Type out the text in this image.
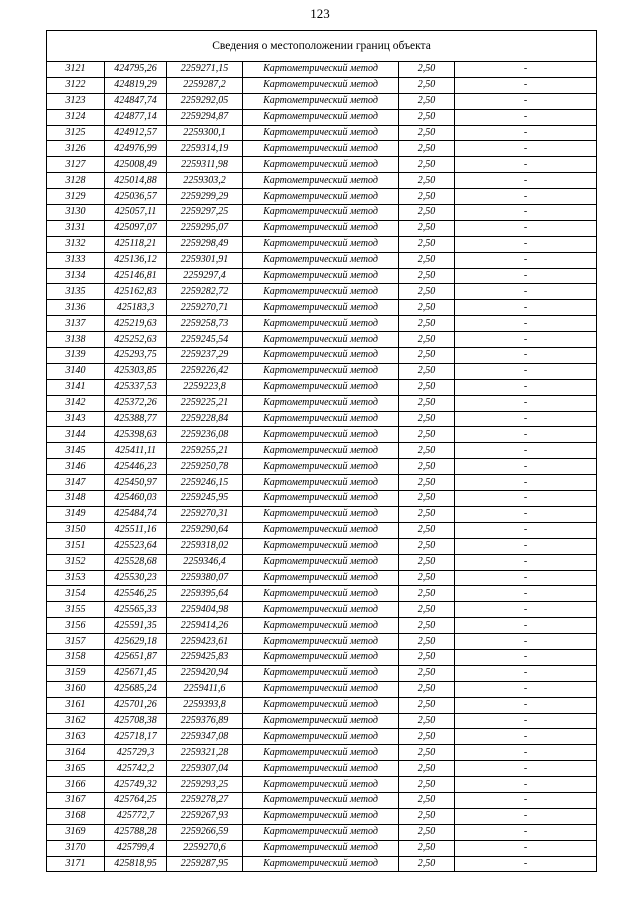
123
Сведения о местоположении границ объекта					
3121	424795,26	2259271,15	Картометрический метод	2,50	-
3122	424819,29	2259287,2	Картометрический метод	2,50	-
3123	424847,74	2259292,05	Картометрический метод	2,50	-
3124	424877,14	2259294,87	Картометрический метод	2,50	-
3125	424912,57	2259300,1	Картометрический метод	2,50	-
3126	424976,99	2259314,19	Картометрический метод	2,50	-
3127	425008,49	2259311,98	Картометрический метод	2,50	-
3128	425014,88	2259303,2	Картометрический метод	2,50	-
3129	425036,57	2259299,29	Картометрический метод	2,50	-
3130	425057,11	2259297,25	Картометрический метод	2,50	-
3131	425097,07	2259295,07	Картометрический метод	2,50	-
3132	425118,21	2259298,49	Картометрический метод	2,50	-
3133	425136,12	2259301,91	Картометрический метод	2,50	-
3134	425146,81	2259297,4	Картометрический метод	2,50	-
3135	425162,83	2259282,72	Картометрический метод	2,50	-
3136	425183,3	2259270,71	Картометрический метод	2,50	-
3137	425219,63	2259258,73	Картометрический метод	2,50	-
3138	425252,63	2259245,54	Картометрический метод	2,50	-
3139	425293,75	2259237,29	Картометрический метод	2,50	-
3140	425303,85	2259226,42	Картометрический метод	2,50	-
3141	425337,53	2259223,8	Картометрический метод	2,50	-
3142	425372,26	2259225,21	Картометрический метод	2,50	-
3143	425388,77	2259228,84	Картометрический метод	2,50	-
3144	425398,63	2259236,08	Картометрический метод	2,50	-
3145	425411,11	2259255,21	Картометрический метод	2,50	-
3146	425446,23	2259250,78	Картометрический метод	2,50	-
3147	425450,97	2259246,15	Картометрический метод	2,50	-
3148	425460,03	2259245,95	Картометрический метод	2,50	-
3149	425484,74	2259270,31	Картометрический метод	2,50	-
3150	425511,16	2259290,64	Картометрический метод	2,50	-
3151	425523,64	2259318,02	Картометрический метод	2,50	-
3152	425528,68	2259346,4	Картометрический метод	2,50	-
3153	425530,23	2259380,07	Картометрический метод	2,50	-
3154	425546,25	2259395,64	Картометрический метод	2,50	-
3155	425565,33	2259404,98	Картометрический метод	2,50	-
3156	425591,35	2259414,26	Картометрический метод	2,50	-
3157	425629,18	2259423,61	Картометрический метод	2,50	-
3158	425651,87	2259425,83	Картометрический метод	2,50	-
3159	425671,45	2259420,94	Картометрический метод	2,50	-
3160	425685,24	2259411,6	Картометрический метод	2,50	-
3161	425701,26	2259393,8	Картометрический метод	2,50	-
3162	425708,38	2259376,89	Картометрический метод	2,50	-
3163	425718,17	2259347,08	Картометрический метод	2,50	-
3164	425729,3	2259321,28	Картометрический метод	2,50	-
3165	425742,2	2259307,04	Картометрический метод	2,50	-
3166	425749,32	2259293,25	Картометрический метод	2,50	-
3167	425764,25	2259278,27	Картометрический метод	2,50	-
3168	425772,7	2259267,93	Картометрический метод	2,50	-
3169	425788,28	2259266,59	Картометрический метод	2,50	-
3170	425799,4	2259270,6	Картометрический метод	2,50	-
3171	425818,95	2259287,95	Картометрический метод	2,50	-
